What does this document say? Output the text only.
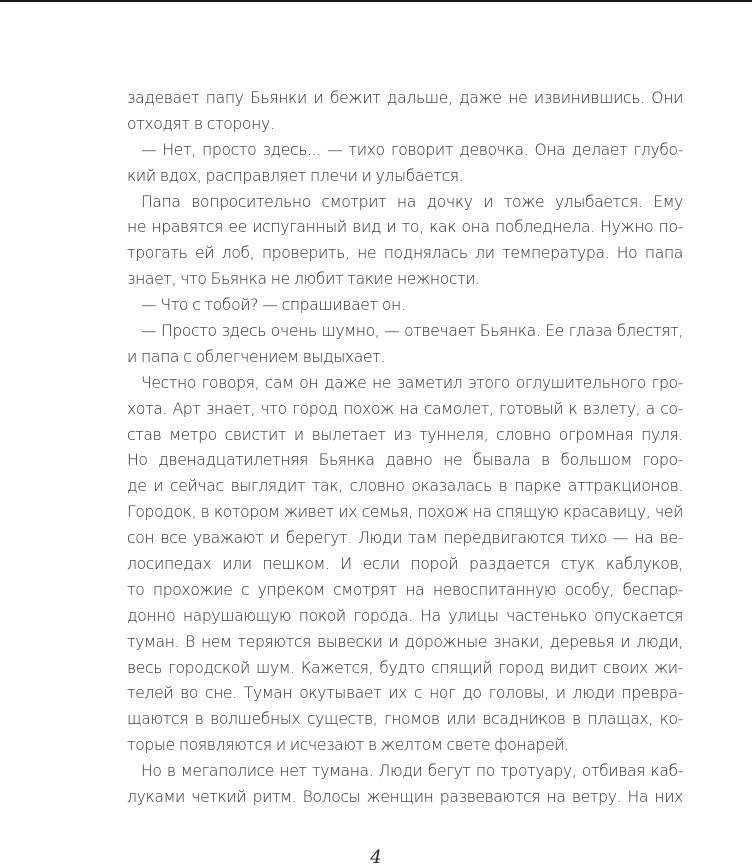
задевает папу Бьянки и бежит дальше, даже не извинившись. Они
отходят в сторону.
— Нет, просто здесь... — тихо говорит девочка. Она делает глубо-
кий вдох, расправляет плечи и улыбается.
Папа вопросительно смотрит на дочку и тоже улыбается. Ему
не нравятся ее испуганный вид и то, как она побледнела. Нужно по-
трогать ей лоб, проверить, не поднялась ли температура. Но папа
знает, что Бьянка не любит такие нежности.
— Что с тобой? — спрашивает он.
— Просто здесь очень шумно, — отвечает Бьянка. Ее глаза блестят,
и папа с облегчением выдыхает.
Честно говоря, сам он даже не заметил этого оглушительного гро-
хота. Арт знает, что город похож на самолет, готовый к взлету, а со-
став метро свистит и вылетает из туннеля, словно огромная пуля.
Но двенадцатилетняя Бьянка давно не бывала в большом горо-
де и сейчас выглядит так, словно оказалась в парке аттракционов.
Городок, в котором живет их семья, похож на спящую красавицу, чей
сон все уважают и берегут. Люди там передвигаются тихо — на ве-
лосипедах или пешком. И если порой раздается стук каблуков,
то прохожие с упреком смотрят на невоспитанную особу, беспар-
донно нарушающую покой города. На улицы частенько опускается
туман. В нем теряются вывески и дорожные знаки, деревья и люди,
весь городской шум. Кажется, будто спящий город видит своих жи-
телей во сне. Туман окутывает их с ног до головы, и люди превра-
щаются в волшебных существ, гномов или всадников в плащах, ко-
торые появляются и исчезают в желтом свете фонарей.
Но в мегаполисе нет тумана. Люди бегут по тротуару, отбивая каб-
луками четкий ритм. Волосы женщин развеваются на ветру. На них
4
